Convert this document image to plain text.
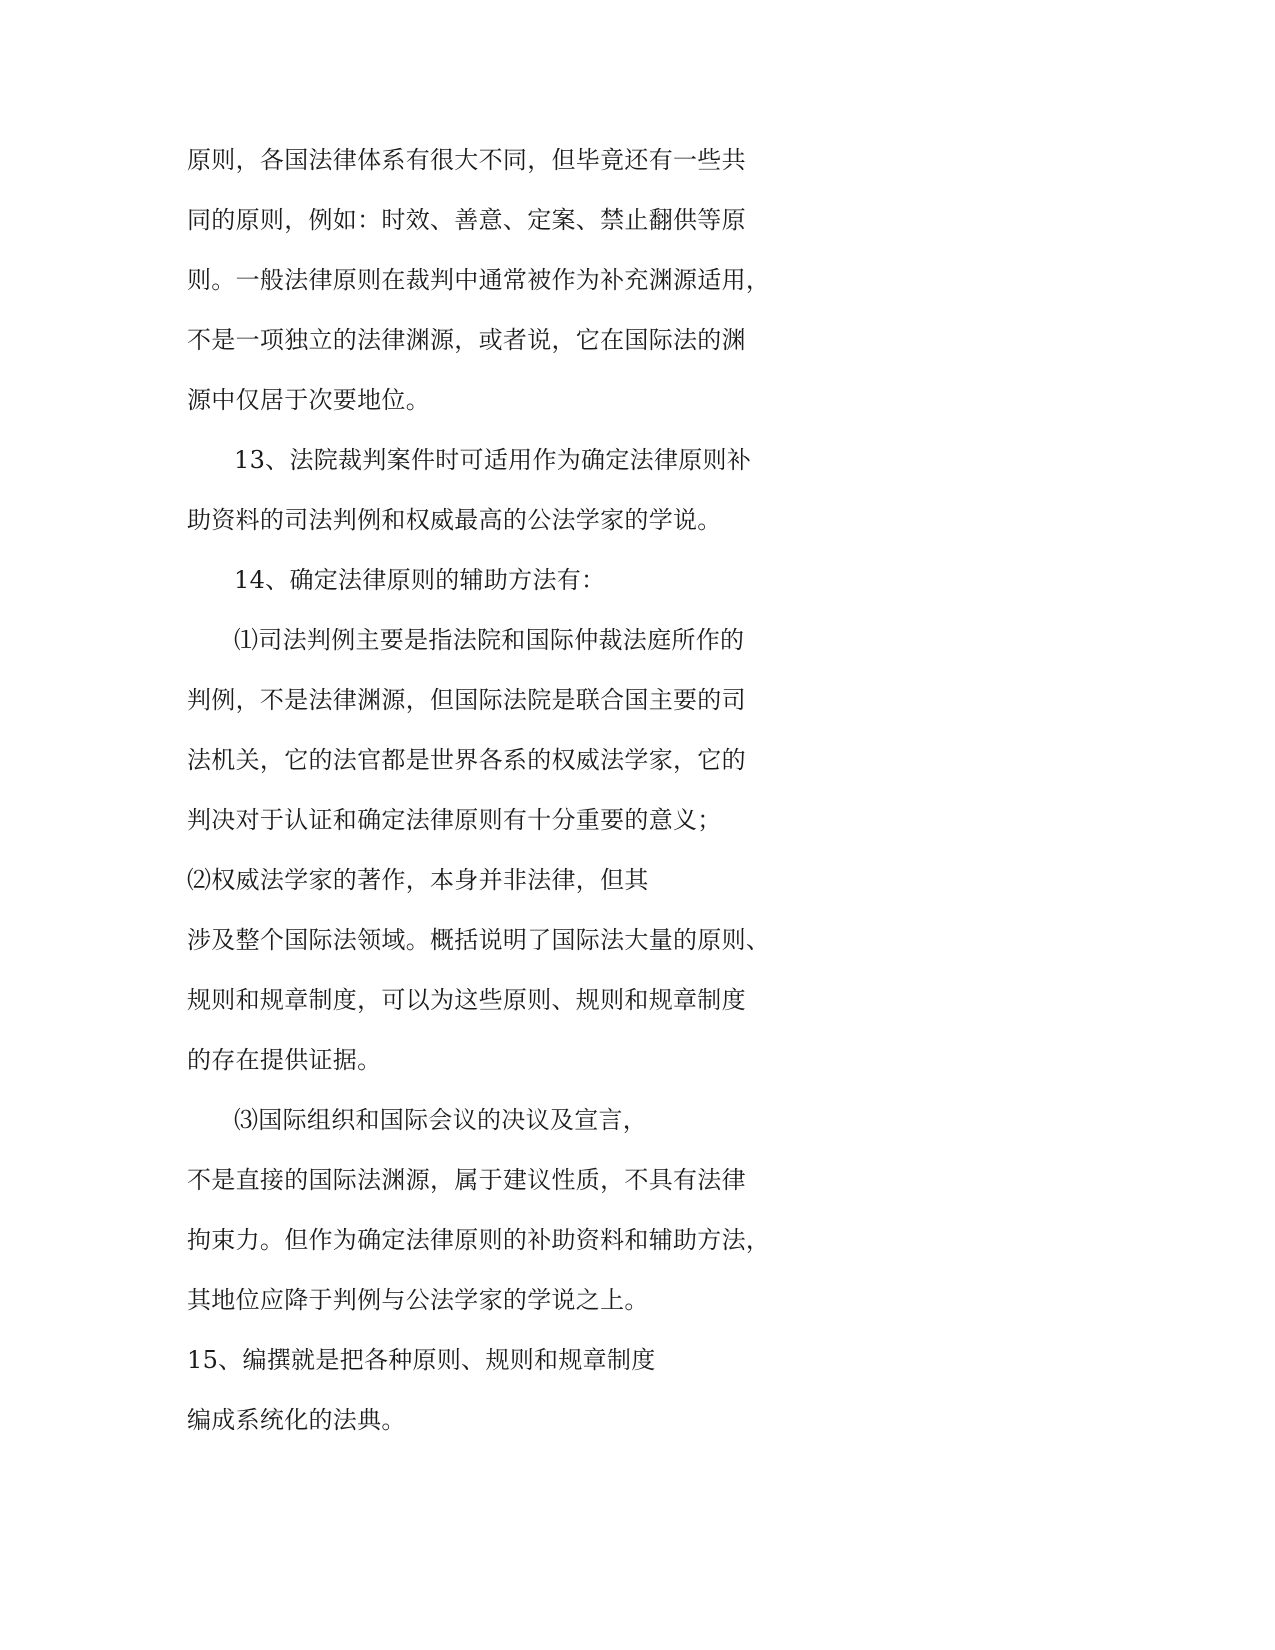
原则，各国法律体系有很大不同，但毕竟还有一些共
同的原则，例如：时效、善意、定案、禁止翻供等原
则。一般法律原则在裁判中通常被作为补充渊源适用，
不是一项独立的法律渊源，或者说，它在国际法的渊
源中仅居于次要地位。
13、法院裁判案件时可适用作为确定法律原则补
助资料的司法判例和权威最高的公法学家的学说。
14、确定法律原则的辅助方法有：
⑴司法判例主要是指法院和国际仲裁法庭所作的
判例，不是法律渊源，但国际法院是联合国主要的司
法机关，它的法官都是世界各系的权威法学家，它的
判决对于认证和确定法律原则有十分重要的意义；
⑵权威法学家的著作，本身并非法律，但其
涉及整个国际法领域。概括说明了国际法大量的原则、
规则和规章制度，可以为这些原则、规则和规章制度
的存在提供证据。
⑶国际组织和国际会议的决议及宣言，
不是直接的国际法渊源，属于建议性质，不具有法律
拘束力。但作为确定法律原则的补助资料和辅助方法，
其地位应降于判例与公法学家的学说之上。
15、编撰就是把各种原则、规则和规章制度
编成系统化的法典。
